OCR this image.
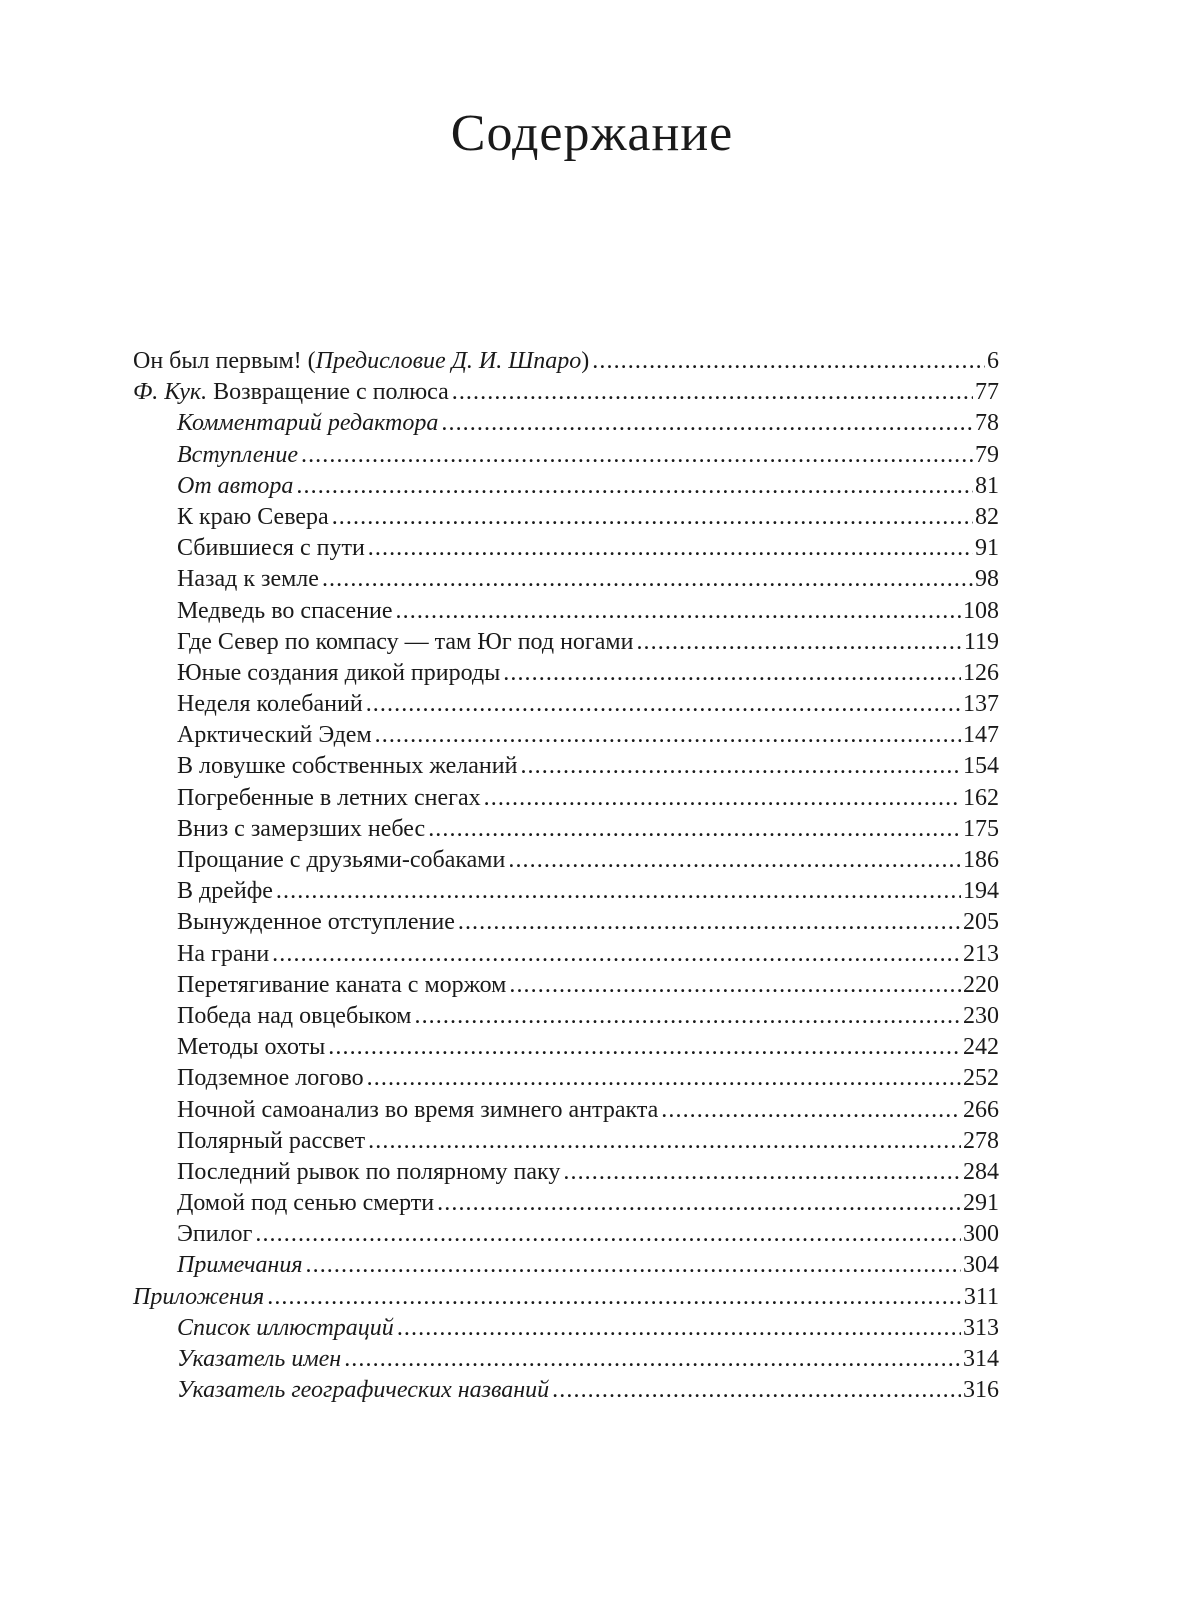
Содержание
Он был первым! (Предисловие Д. И. Шпаро) .....	6
Ф. Кук. Возвращение с полюса .....	77
Комментарий редактора .....	78
Вступление .....	79
От автора .....	81
К краю Севера .....	82
Сбившиеся с пути .....	91
Назад к земле .....	98
Медведь во спасение .....	108
Где Север по компасу — там Юг под ногами .....	119
Юные создания дикой природы .....	126
Неделя колебаний .....	137
Арктический Эдем .....	147
В ловушке собственных желаний .....	154
Погребенные в летних снегах .....	162
Вниз с замерзших небес .....	175
Прощание с друзьями-собаками .....	186
В дрейфе .....	194
Вынужденное отступление .....	205
На грани .....	213
Перетягивание каната с моржом .....	220
Победа над овцебыком .....	230
Методы охоты .....	242
Подземное логово .....	252
Ночной самоанализ во время зимнего антракта .....	266
Полярный рассвет .....	278
Последний рывок по полярному паку .....	284
Домой под сенью смерти .....	291
Эпилог .....	300
Примечания .....	304
Приложения .....	311
Список иллюстраций .....	313
Указатель имен .....	314
Указатель географических названий .....	316
